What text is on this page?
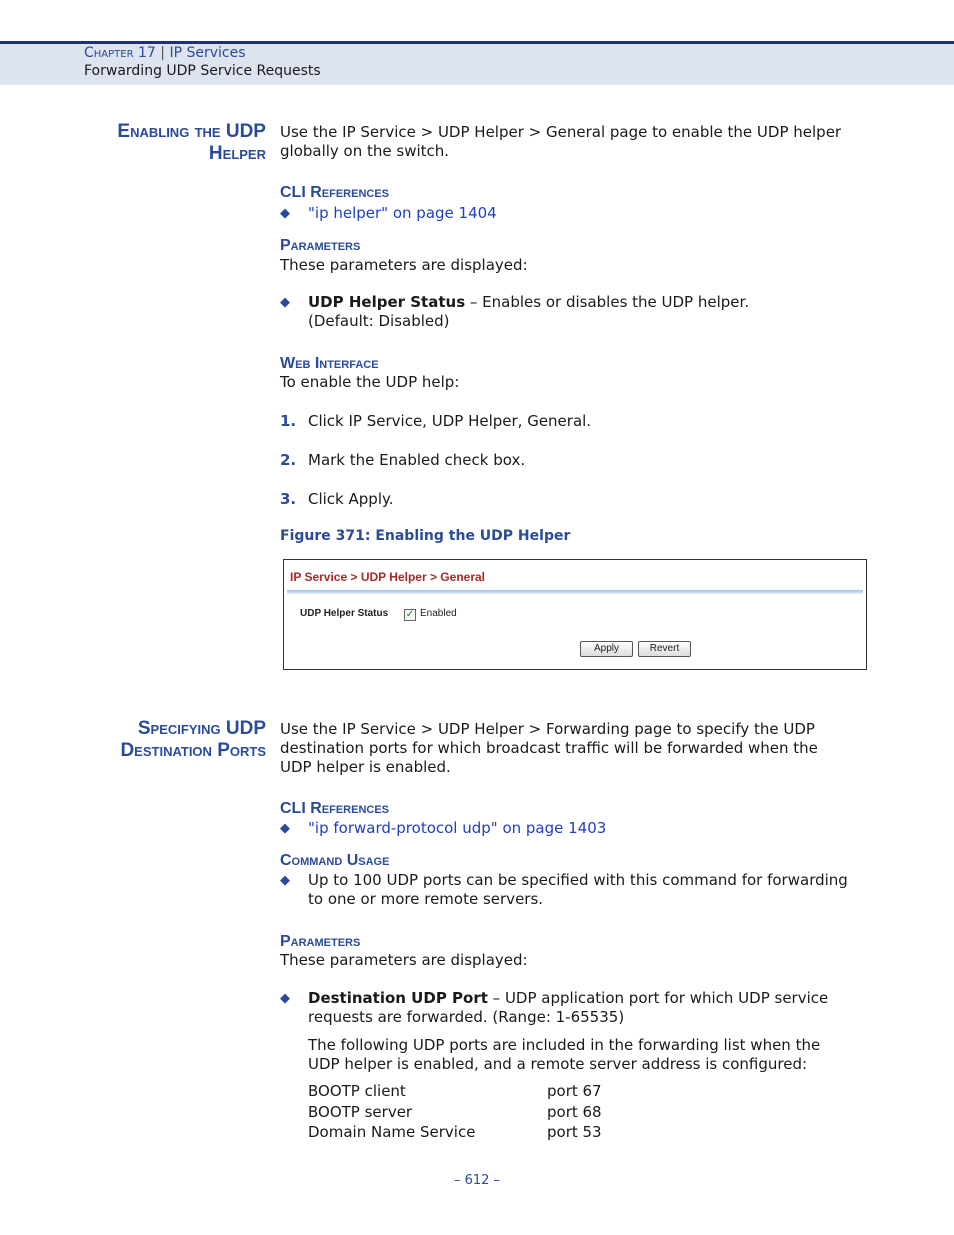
Chapter 17 | IP Services
Forwarding UDP Service Requests
Enabling the UDP
Helper
Use the IP Service > UDP Helper > General page to enable the UDP helper
globally on the switch.
CLI References
◆ "ip helper" on page 1404
Parameters
These parameters are displayed:
◆ UDP Helper Status – Enables or disables the UDP helper.
(Default: Disabled)
Web Interface
To enable the UDP help:
1. Click IP Service, UDP Helper, General.
2. Mark the Enabled check box.
3. Click Apply.
Figure 371: Enabling the UDP Helper
IP Service > UDP Helper > General
UDP Helper Status ✓ Enabled
Apply	Revert
Specifying UDP
Destination Ports
Use the IP Service > UDP Helper > Forwarding page to specify the UDP
destination ports for which broadcast traffic will be forwarded when the
UDP helper is enabled.
CLI References
◆ "ip forward-protocol udp" on page 1403
Command Usage
◆ Up to 100 UDP ports can be specified with this command for forwarding
to one or more remote servers.
Parameters
These parameters are displayed:
◆ Destination UDP Port – UDP application port for which UDP service
requests are forwarded. (Range: 1-65535)
The following UDP ports are included in the forwarding list when the
UDP helper is enabled, and a remote server address is configured:
BOOTP client	port 67
BOOTP server	port 68
Domain Name Service	port 53
– 612 –
